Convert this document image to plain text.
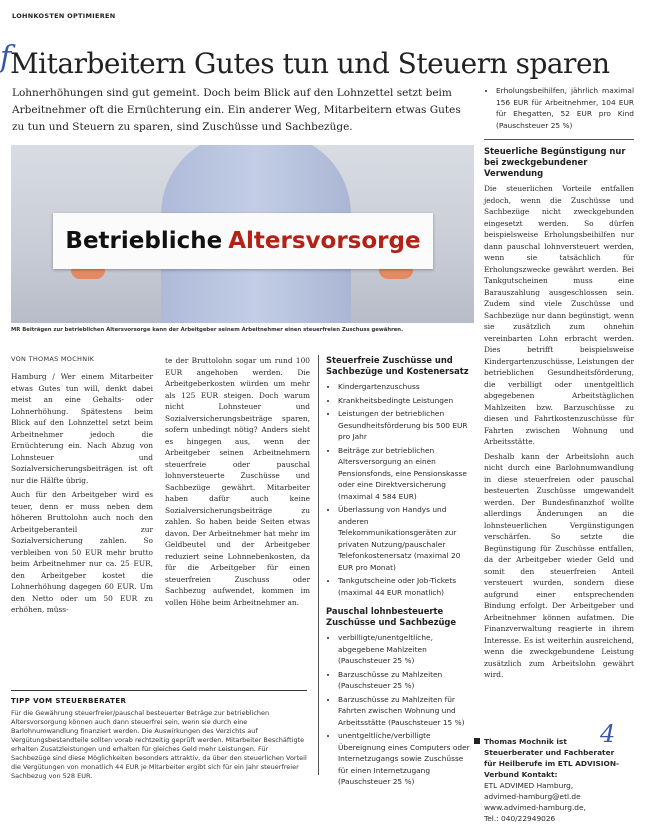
LOHNKOSTEN OPTIMIEREN
f
Mitarbeitern Gutes tun und Steuern sparen
Lohnerhöhungen sind gut gemeint. Doch beim Blick auf den Lohnzettel setzt beim Arbeitnehmer oft die Ernüchterung ein. Ein anderer Weg, Mitarbeitern etwas Gutes zu tun und Steuern zu sparen, sind Zuschüsse und Sachbezüge.
Betriebliche Altersvorsorge
MR Beiträgen zur betrieblichen Altersvorsorge kann der Arbeitgeber seinem Arbeitnehmer einen steuerfreien Zuschuss gewähren.
VON THOMAS MOCHNIK

Hamburg / Wer einem Mitarbeiter etwas Gutes tun will, denkt dabei meist an eine Gehalts- oder Lohnerhöhung. Spätestens beim Blick auf den Lohnzettel setzt beim Arbeitnehmer jedoch die Ernüchterung ein. Nach Abzug von Lohnsteuer und Sozialversicherungsbeiträgen ist oft nur die Hälfte übrig.

Auch für den Arbeitgeber wird es teuer, denn er muss neben dem höheren Bruttolohn auch noch den Arbeitgeberanteil zur Sozialversicherung zahlen. So verbleiben von 50 EUR mehr brutto beim Arbeitnehmer nur ca. 25 EUR, den Arbeitgeber kostet die Lohnerhöhung dagegen 60 EUR. Um den Netto oder um 50 EUR zu erhöhen, müss-

te der Bruttolohn sogar um rund 100 EUR angehoben werden. Die Arbeitgeberkosten würden um mehr als 125 EUR steigen. Doch warum nicht Lohnsteuer und Sozialversicherungsbeiträge sparen, sofern unbedingt nötig? Anders sieht es hingegen aus, wenn der Arbeitgeber seinen Arbeitnehmern steuerfreie oder pauschal lohnversteuerte Zuschüsse und Sachbezüge gewährt. Mitarbeiter haben dafür auch keine Sozialversicherungsbeiträge zu zahlen. So haben beide Seiten etwas davon. Der Arbeitnehmer hat mehr im Geldbeutel und der Arbeitgeber reduziert seine Lohnnebenkosten, da für die Arbeitgeber für einen steuerfreien Zuschuss oder Sachbezug aufwendet, kommen im vollen Höhe beim Arbeitnehmer an.

Steuerfreie Zuschüsse und Sachbezüge und Kostenersatz
• Kindergartenzuschuss
• Krankheitsbedingte Leistungen
• Leistungen der betrieblichen Gesundheitsförderung bis 500 EUR pro Jahr
• Beiträge zur betrieblichen Altersversorgung an einen Pensionsfonds, eine Pensionskasse oder eine Direktversicherung (maximal 4 584 EUR)
• Überlassung von Handys und anderen Telekommunikationsgeräten zur privaten Nutzung/pauschaler Telefonkostenersatz (maximal 20 EUR pro Monat)
• Tankgutscheine oder Job-Tickets (maximal 44 EUR monatlich)
Pauschal lohnbesteuerte Zuschüsse und Sachbezüge
• verbilligte/unentgeltliche, abgegebene Mahlzeiten (Pauschsteuer 25 %)
• Barzuschüsse zu Mahlzeiten (Pauschsteuer 25 %)
• Barzuschüsse zu Mahlzeiten für Fahrten zwischen Wohnung und Arbeitsstätte (Pauschsteuer 15 %)
• unentgeltliche/verbilligte Übereignung eines Computers oder Internetzugangs sowie Zuschüsse für einen Internetzugang (Pauschsteuer 25 %)
• Erholungsbeihilfen, jährlich maximal 156 EUR für Arbeitnehmer, 104 EUR für Ehegatten, 52 EUR pro Kind (Pauschsteuer 25 %)
Steuerliche Begünstigung nur bei zweckgebundener Verwendung

Die steuerlichen Vorteile entfallen jedoch, wenn die Zuschüsse und Sachbezüge nicht zweckgebunden eingesetzt werden. So dürfen beispielsweise Erholungsbeihilfen nur dann pauschal lohnversteuert werden, wenn sie tatsächlich für Erholungszwecke gewährt werden. Bei Tankgutscheinen muss eine Barauszahlung ausgeschlossen sein. Zudem sind viele Zuschüsse und Sachbezüge nur dann begünstigt, wenn sie zusätzlich zum ohnehin vereinbarten Lohn erbracht werden. Dies betrifft beispielsweise Kindergartenzuschüsse, Leistungen der betrieblichen Gesundheitsförderung, die verbilligt oder unentgeltlich abgegebenen Arbeitstäglichen Mahlzeiten bzw. Barzuschüsse zu diesen und Fahrtkostenzuschüsse für Fahrten zwischen Wohnung und Arbeitsstätte.

Deshalb kann der Arbeitslohn auch nicht durch eine Barlohnumwandlung in diese steuerfreien oder pauschal besteuerten Zuschüsse umgewandelt werden. Der Bundesfinanzhof wollte allerdings Änderungen an die lohnsteuerlichen Vergünstigungen verschärfen. So setzte die Begünstigung für Zuschüsse entfallen, da der Arbeitgeber wieder Geld und somit den steuerfreien Anteil versteuert wurden, sondern diese aufgrund einer entsprechenden Bindung erfolgt. Der Arbeitgeber und Arbeitnehmer können aufatmen. Die Finanzverwaltung reagierte in ihrem Interesse. Es ist weiterhin ausreichend, wenn die zweckgebundene Leistung zusätzlich zum Arbeitslohn gewährt wird.

TIPP VOM STEUERBERATER
Für die Gewährung steuerfreier/pauschal besteuerter Beträge zur betrieblichen Altersvorsorgung können auch dann steuerfrei sein, wenn sie durch eine Barlohnumwandlung finanziert werden. Die Auswirkungen des Verzichts auf Vergütungsbestandteile sollten vorab rechtzeitig geprüft werden. Mitarbeiter Beschäftigte erhalten Zusatzleistungen und erhalten für gleiches Geld mehr Leistungen. Für Sachbezüge sind diese Möglichkeiten besonders attraktiv, da über den steuerlichen Vorteil die Vergütungen von monatlich 44 EUR je Mitarbeiter ergibt sich für ein Jahr steuerfreier Sachbezug von 528 EUR.
4
Thomas Mochnik ist
Steuerberater und Fachberater
für Heilberufe im ETL ADVISION-
Verbund Kontakt:
ETL ADVIMED Hamburg,
advimed-hamburg@etl.de
www.advimed-hamburg.de,
Tel.: 040/22949026
